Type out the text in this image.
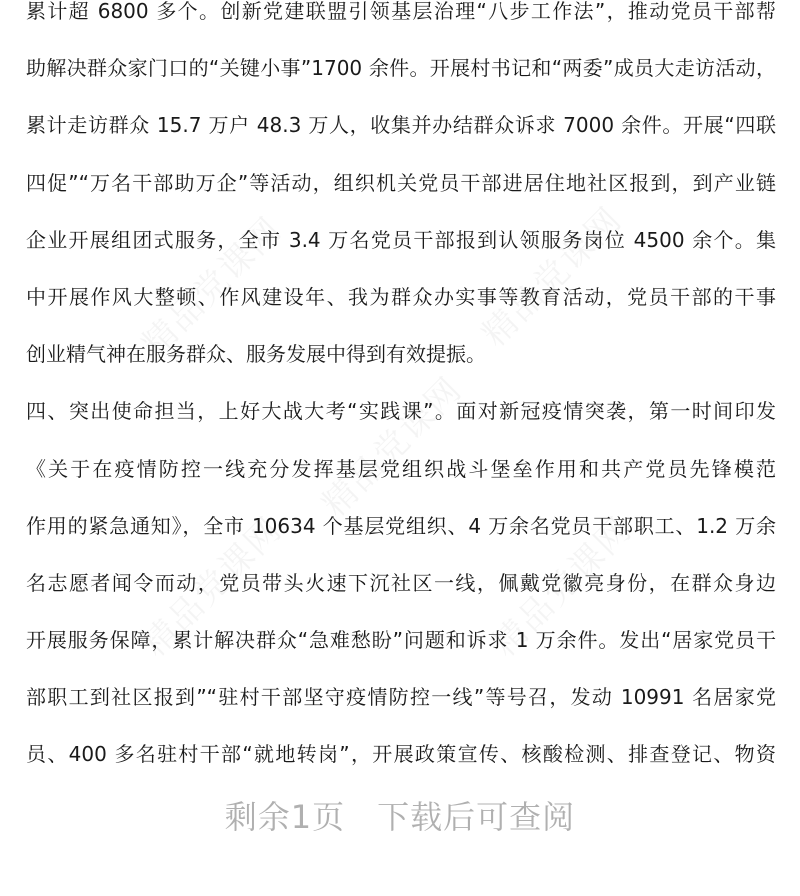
累计超 6800 多个。创新党建联盟引领基层治理“八步工作法”，推动党员干部帮
助解决群众家门口的“关键小事”1700 余件。开展村书记和“两委”成员大走访活动，
累计走访群众 15.7 万户 48.3 万人，收集并办结群众诉求 7000 余件。开展“四联
四促”“万名干部助万企”等活动，组织机关党员干部进居住地社区报到，到产业链
企业开展组团式服务，全市 3.4 万名党员干部报到认领服务岗位 4500 余个。集
中开展作风大整顿、作风建设年、我为群众办实事等教育活动，党员干部的干事
创业精气神在服务群众、服务发展中得到有效提振。
四、突出使命担当，上好大战大考“实践课”。面对新冠疫情突袭，第一时间印发
《关于在疫情防控一线充分发挥基层党组织战斗堡垒作用和共产党员先锋模范
作用的紧急通知》，全市 10634 个基层党组织、4 万余名党员干部职工、1.2 万余
名志愿者闻令而动，党员带头火速下沉社区一线，佩戴党徽亮身份，在群众身边
开展服务保障，累计解决群众“急难愁盼”问题和诉求 1 万余件。发出“居家党员干
部职工到社区报到”“驻村干部坚守疫情防控一线”等号召，发动 10991 名居家党
员、400 多名驻村干部“就地转岗”，开展政策宣传、核酸检测、排查登记、物资
剩余1页 下载后可查阅
